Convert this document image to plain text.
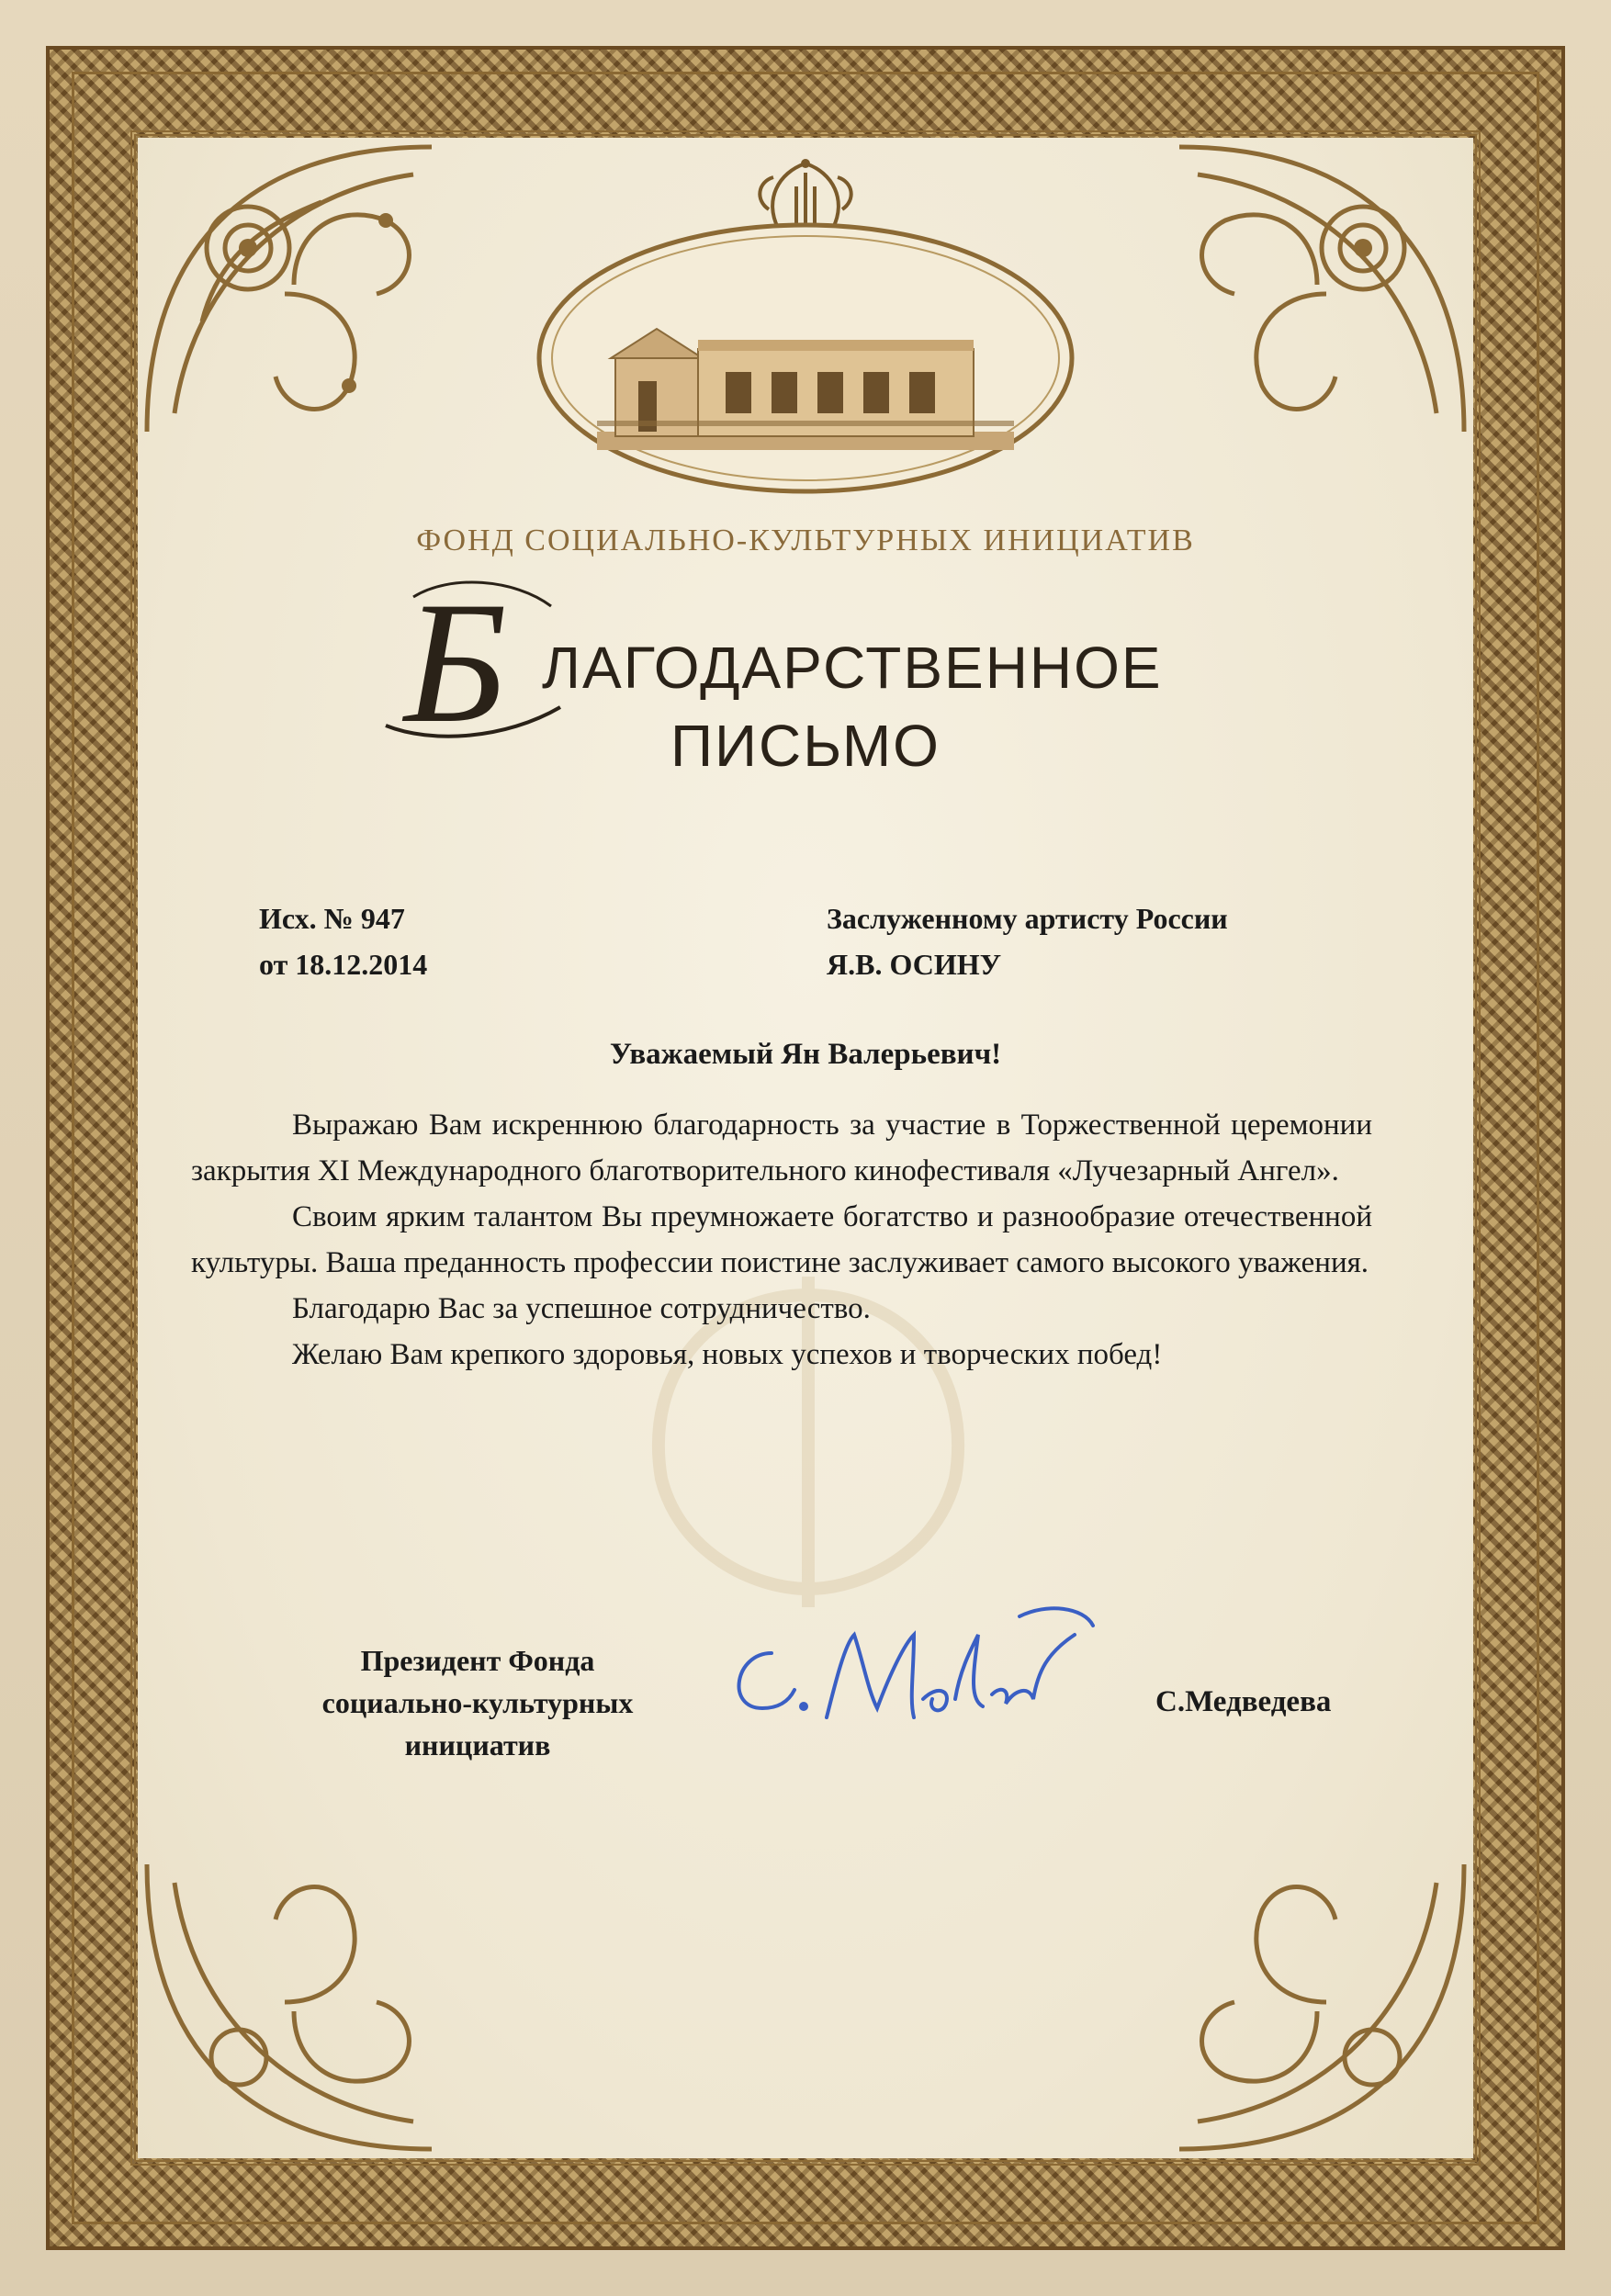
ФОНД СОЦИАЛЬНО-КУЛЬТУРНЫХ ИНИЦИАТИВ
Б ЛАГОДАРСТВЕННОЕ
ПИСЬМО
Исх. № 947
от 18.12.2014
Заслуженному артисту России
Я.В. ОСИНУ
Уважаемый Ян Валерьевич!

Выражаю Вам искреннюю благодарность за участие в Торжественной церемонии закрытия XI Международного благотворительного кинофестиваля «Лучезарный Ангел».

Своим ярким талантом Вы преумножаете богатство и разнообразие отечественной культуры. Ваша преданность профессии поистине заслуживает самого высокого уважения.

Благодарю Вас за успешное сотрудничество.

Желаю Вам крепкого здоровья, новых успехов и творческих побед!

Президент Фонда
социально-культурных
инициатив
С.Медведева
